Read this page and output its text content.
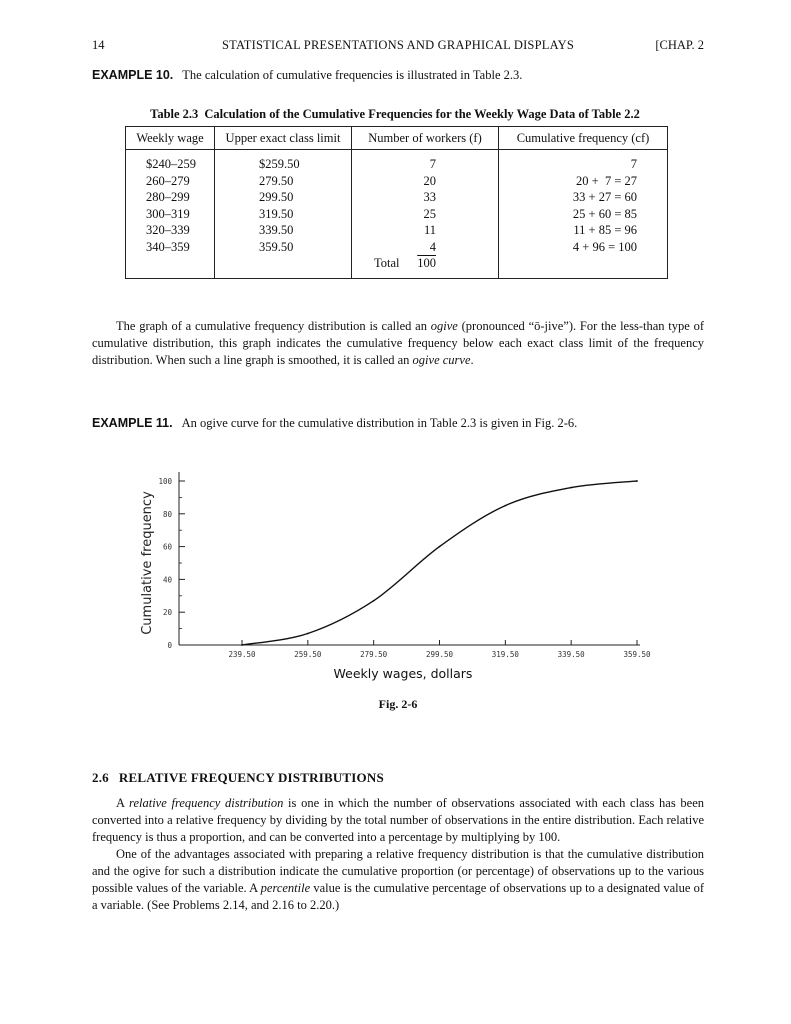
14	STATISTICAL PRESENTATIONS AND GRAPHICAL DISPLAYS	[CHAP. 2
EXAMPLE 10. The calculation of cumulative frequencies is illustrated in Table 2.3.
Table 2.3 Calculation of the Cumulative Frequencies for the Weekly Wage Data of Table 2.2
Weekly wage	Upper exact class limit	Number of workers (f)	Cumulative frequency (cf)
$240–259	$259.50	7	7
260–279	279.50	20	20 +  7 = 27
280–299	299.50	33	33 + 27 = 60
300–319	319.50	25	25 + 60 = 85
320–339	339.50	11	11 + 85 = 96
340–359	359.50	4	4 + 96 = 100

		Total 100	

The graph of a cumulative frequency distribution is called an ogive (pronounced “ō-jive”). For the less-than type of cumulative distribution, this graph indicates the cumulative frequency below each exact class limit of the frequency distribution. When such a line graph is smoothed, it is called an ogive curve.

EXAMPLE 11. An ogive curve for the cumulative distribution in Table 2.3 is given in Fig. 2-6.
0
20
40
60
80
100
239.50	259.50	279.50	299.50	319.50	339.50	359.50
Cumulative frequency
Weekly wages, dollars
Fig. 2-6
2.6 RELATIVE FREQUENCY DISTRIBUTIONS

A relative frequency distribution is one in which the number of observations associated with each class has been converted into a relative frequency by dividing by the total number of observations in the entire distribution. Each relative frequency is thus a proportion, and can be converted into a percentage by multiplying by 100.

One of the advantages associated with preparing a relative frequency distribution is that the cumulative distribution and the ogive for such a distribution indicate the cumulative proportion (or percentage) of observations up to the various possible values of the variable. A percentile value is the cumulative percentage of observations up to a designated value of a variable. (See Problems 2.14, and 2.16 to 2.20.)
